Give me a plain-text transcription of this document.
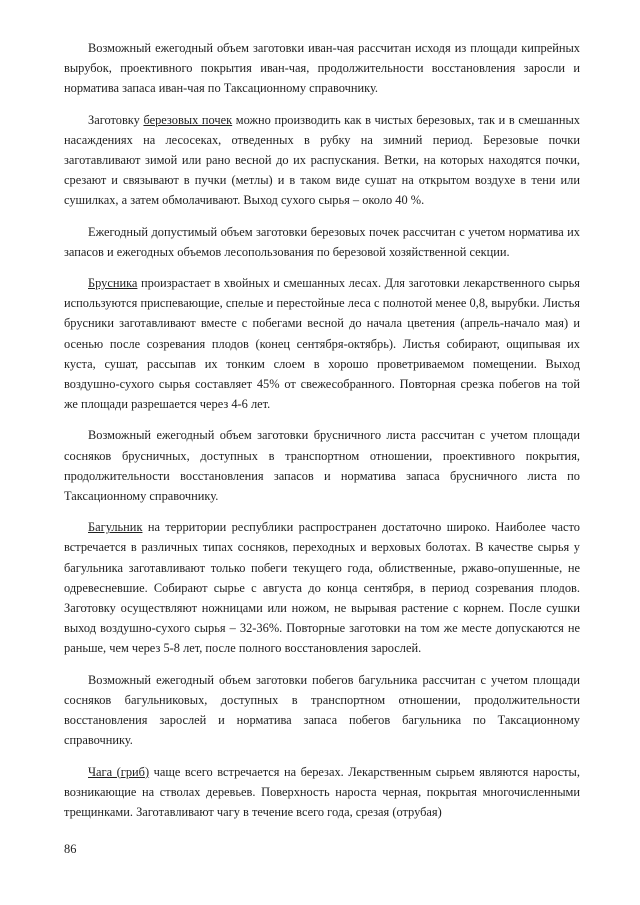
Возможный ежегодный объем заготовки иван-чая рассчитан исходя из площади кипрейных вырубок, проективного покрытия иван-чая, продолжительности восстановления заросли и норматива запаса иван-чая по Таксационному справочнику.

Заготовку березовых почек можно производить как в чистых березовых, так и в смешанных насаждениях на лесосеках, отведенных в рубку на зимний период. Березовые почки заготавливают зимой или рано весной до их распускания. Ветки, на которых находятся почки, срезают и связывают в пучки (метлы) и в таком виде сушат на открытом воздухе в тени или сушилках, а затем обмолачивают. Выход сухого сырья – около 40 %.

Ежегодный допустимый объем заготовки березовых почек рассчитан с учетом норматива их запасов и ежегодных объемов лесопользования по березовой хозяйственной секции.

Брусника произрастает в хвойных и смешанных лесах. Для заготовки лекарственного сырья используются приспевающие, спелые и перестойные леса с полнотой менее 0,8, вырубки. Листья брусники заготавливают вместе с побегами весной до начала цветения (апрель-начало мая) и осенью после созревания плодов (конец сентября-октябрь). Листья собирают, ощипывая их куста, сушат, рассыпав их тонким слоем в хорошо проветриваемом помещении. Выход воздушно-сухого сырья составляет 45% от свежесобранного. Повторная срезка побегов на той же площади разрешается через 4-6 лет.

Возможный ежегодный объем заготовки брусничного листа рассчитан с учетом площади сосняков брусничных, доступных в транспортном отношении, проективного покрытия, продолжительности восстановления запасов и норматива запаса брусничного листа по Таксационному справочнику.

Багульник на территории республики распространен достаточно широко. Наиболее часто встречается в различных типах сосняков, переходных и верховых болотах. В качестве сырья у багульника заготавливают только побеги текущего года, облиственные, ржаво-опушенные, не одревесневшие. Собирают сырье с августа до конца сентября, в период созревания плодов. Заготовку осуществляют ножницами или ножом, не вырывая растение с корнем. После сушки выход воздушно-сухого сырья – 32-36%. Повторные заготовки на том же месте допускаются не раньше, чем через 5-8 лет, после полного восстановления зарослей.

Возможный ежегодный объем заготовки побегов багульника рассчитан с учетом площади сосняков багульниковых, доступных в транспортном отношении, продолжительности восстановления зарослей и норматива запаса побегов багульника по Таксационному справочнику.

Чага (гриб) чаще всего встречается на березах. Лекарственным сырьем являются наросты, возникающие на стволах деревьев. Поверхность нароста черная, покрытая многочисленными трещинками. Заготавливают чагу в течение всего года, срезая (отрубая)

86
